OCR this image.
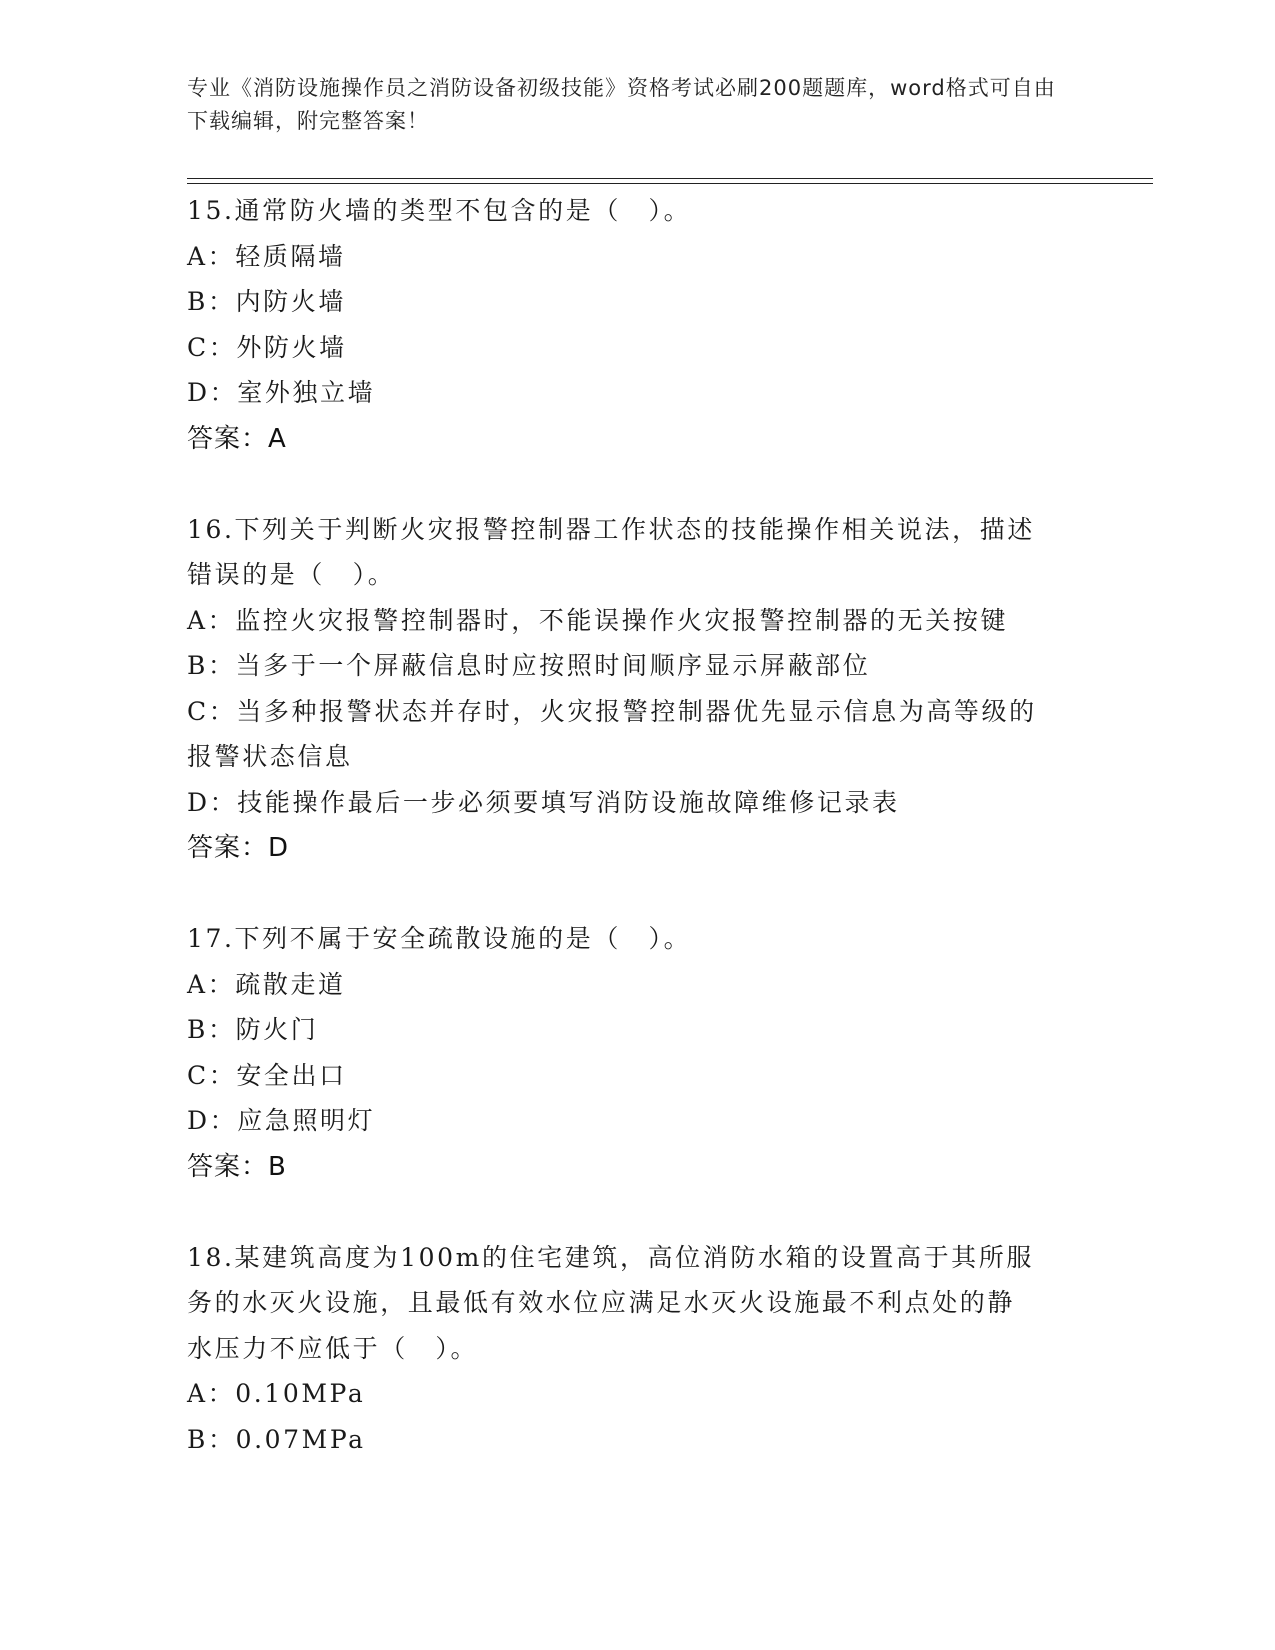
专业《消防设施操作员之消防设备初级技能》资格考试必刷200题题库，word格式可自由下载编辑，附完整答案！

15.通常防火墙的类型不包含的是（　）。

A：轻质隔墙

B：内防火墙

C：外防火墙

D：室外独立墙

答案：A

16.下列关于判断火灾报警控制器工作状态的技能操作相关说法，描述

错误的是（　）。

A：监控火灾报警控制器时，不能误操作火灾报警控制器的无关按键

B：当多于一个屏蔽信息时应按照时间顺序显示屏蔽部位

C：当多种报警状态并存时，火灾报警控制器优先显示信息为高等级的

报警状态信息

D：技能操作最后一步必须要填写消防设施故障维修记录表

答案：D

17.下列不属于安全疏散设施的是（　）。

A：疏散走道

B：防火门

C：安全出口

D：应急照明灯

答案：B

18.某建筑高度为100m的住宅建筑，高位消防水箱的设置高于其所服

务的水灭火设施，且最低有效水位应满足水灭火设施最不利点处的静

水压力不应低于（　）。

A：0.10MPa

B：0.07MPa
